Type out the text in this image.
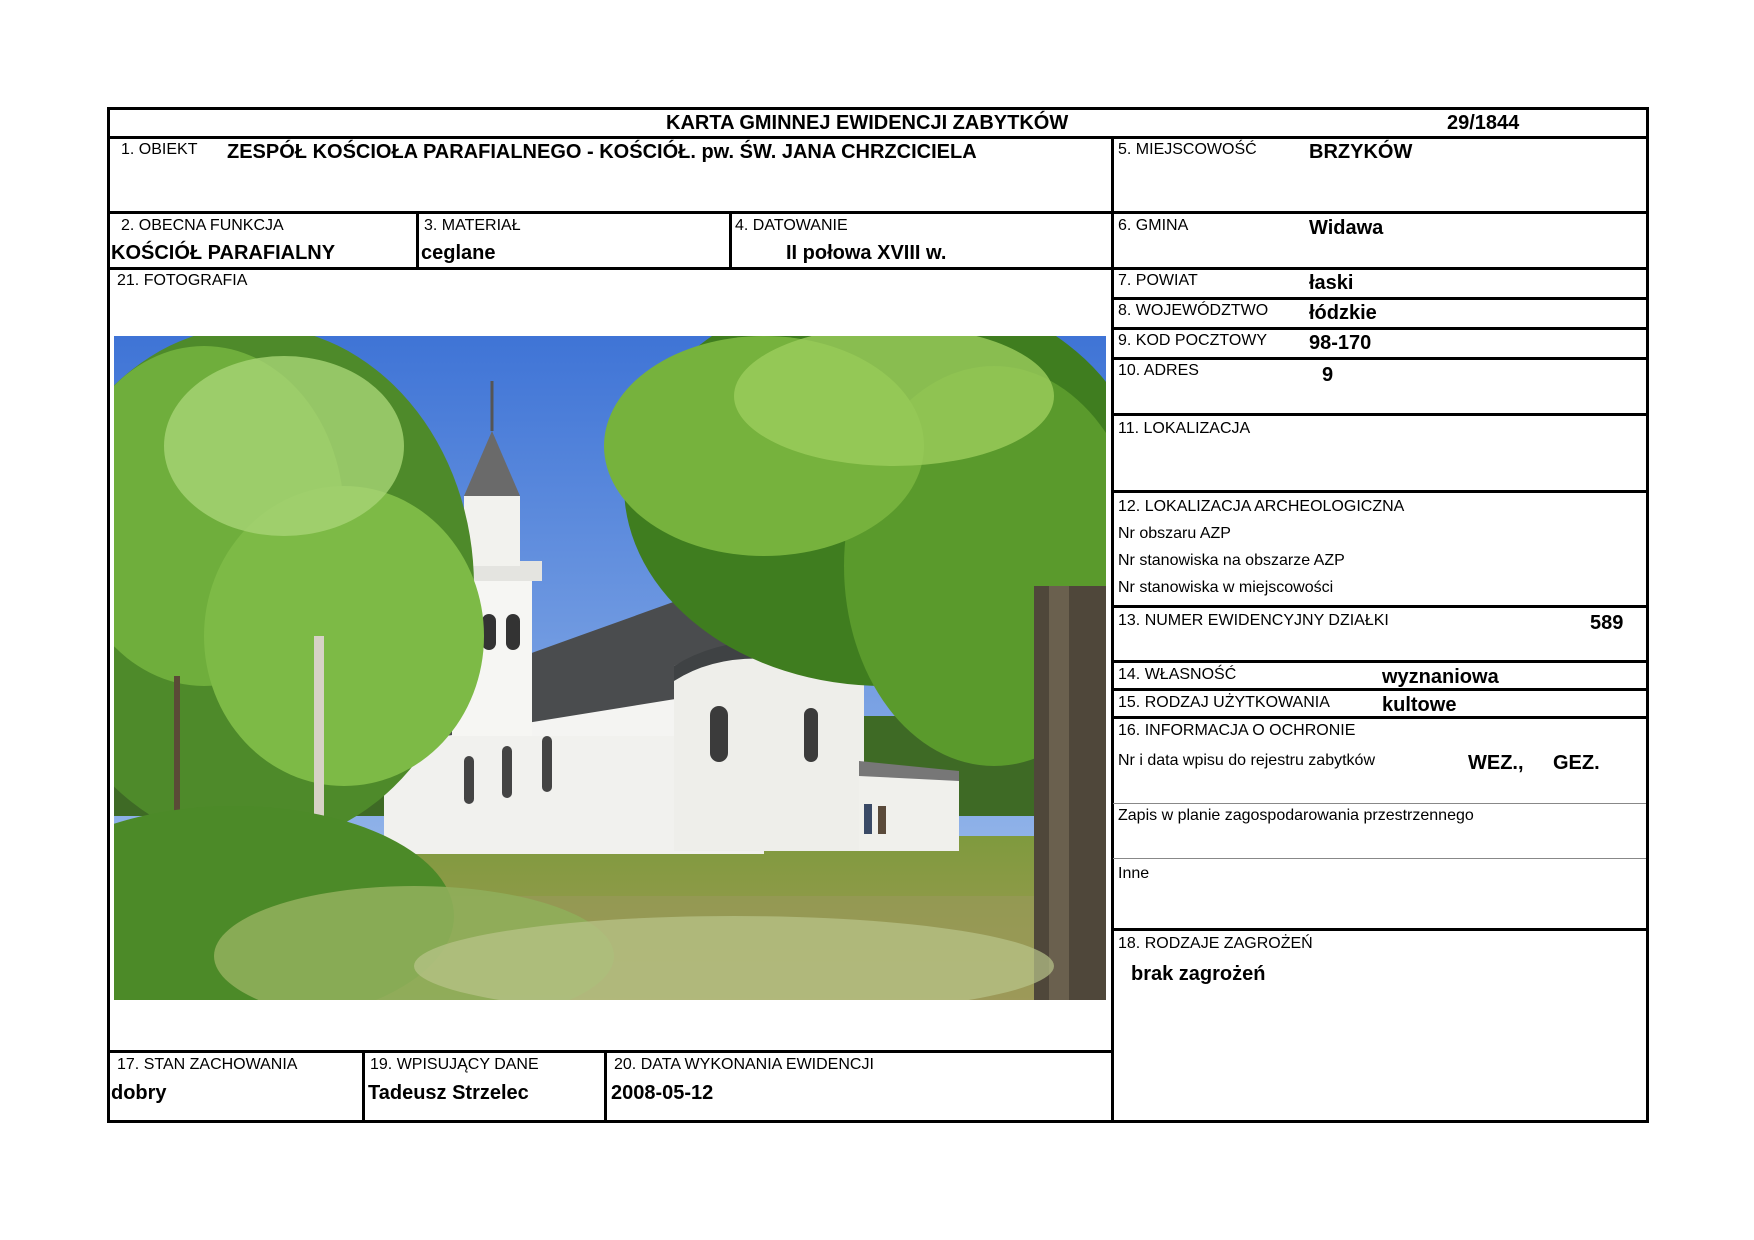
KARTA GMINNEJ EWIDENCJI ZABYTKÓW	29/1844
1. OBIEKT ZESPÓŁ KOŚCIOŁA PARAFIALNEGO - KOŚCIÓŁ. pw. ŚW. JANA CHRZCICIELA	5. MIEJSCOWOŚĆ	BRZYKÓW
2. OBECNA FUNKCJA
KOŚCIÓŁ PARAFIALNY
3. MATERIAŁ
ceglane
4. DATOWANIE
II połowa XVIII w.
6. GMINA	Widawa
7. POWIAT	łaski
8. WOJEWÓDZTWO łódzkie
9. KOD POCZTOWY 98-170
10. ADRES	9
11. LOKALIZACJA
12. LOKALIZACJA ARCHEOLOGICZNA
Nr obszaru AZP
Nr stanowiska na obszarze AZP
Nr stanowiska w miejscowości
13. NUMER EWIDENCYJNY DZIAŁKI	589
14. WŁASNOŚĆ	wyznaniowa
15. RODZAJ UŻYTKOWANIA	kultowe
16. INFORMACJA O OCHRONIE
Nr i data wpisu do rejestru zabytków	WEZ., GEZ.
Zapis w planie zagospodarowania przestrzennego
Inne
18. RODZAJE ZAGROŻEŃ
brak zagrożeń
21. FOTOGRAFIA
17. STAN ZACHOWANIA
dobry
19. WPISUJĄCY DANE
Tadeusz Strzelec
20. DATA WYKONANIA EWIDENCJI
2008-05-12
